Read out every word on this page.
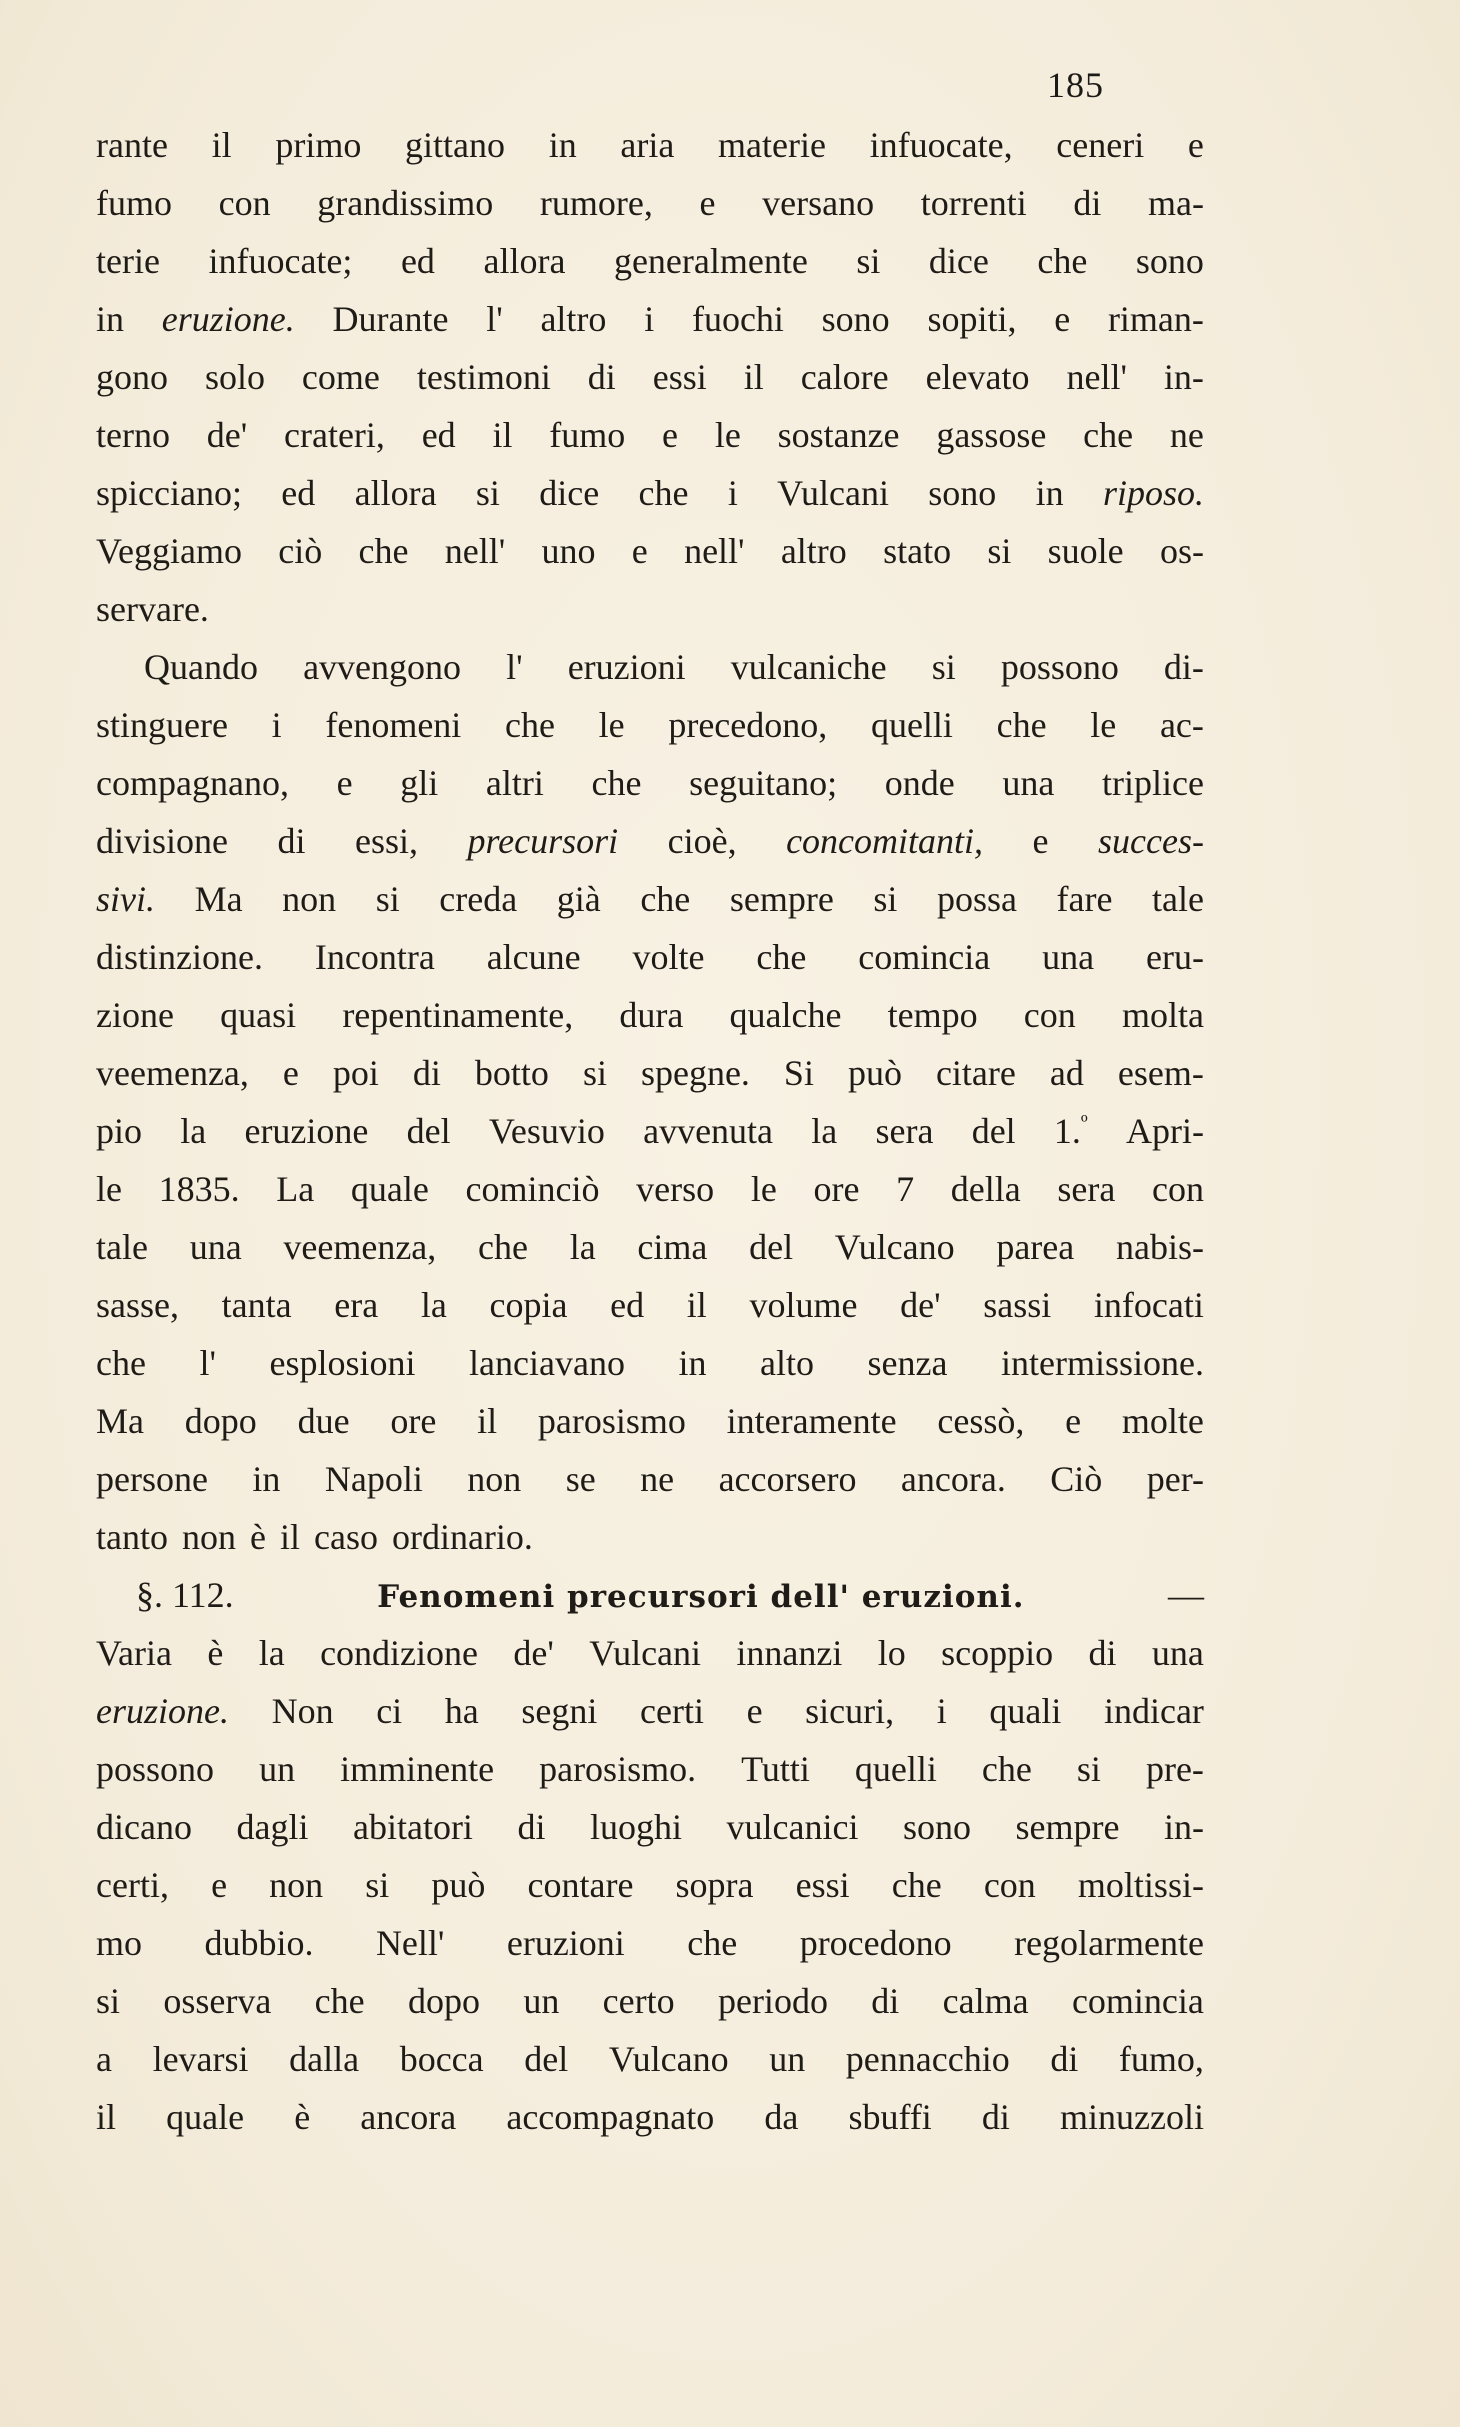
185
rante il primo gittano in aria materie infuocate, ceneri e
fumo con grandissimo rumore, e versano torrenti di ma-
terie infuocate; ed allora generalmente si dice che sono
in eruzione. Durante l' altro i fuochi sono sopiti, e riman-
gono solo come testimoni di essi il calore elevato nell' in-
terno de' crateri, ed il fumo e le sostanze gassose che ne
spicciano; ed allora si dice che i Vulcani sono in riposo.
Veggiamo ciò che nell' uno e nell' altro stato si suole os-
servare.
Quando avvengono l' eruzioni vulcaniche si possono di-
stinguere i fenomeni che le precedono, quelli che le ac-
compagnano, e gli altri che seguitano; onde una triplice
divisione di essi, precursori cioè, concomitanti, e succes-
sivi. Ma non si creda già che sempre si possa fare tale
distinzione. Incontra alcune volte che comincia una eru-
zione quasi repentinamente, dura qualche tempo con molta
veemenza, e poi di botto si spegne. Si può citare ad esem-
pio la eruzione del Vesuvio avvenuta la sera del 1.$^º$ Apri-
le 1835. La quale cominciò verso le ore 7 della sera con
tale una veemenza, che la cima del Vulcano parea nabis-
sasse, tanta era la copia ed il volume de' sassi infocati
che l' esplosioni lanciavano in alto senza intermissione.
Ma dopo due ore il parosismo interamente cessò, e molte
persone in Napoli non se ne accorsero ancora. Ciò per-
tanto non è il caso ordinario.
§. 112.	Fenomeni precursori dell' eruzioni.	—
Varia è la condizione de' Vulcani innanzi lo scoppio di una
eruzione. Non ci ha segni certi e sicuri, i quali indicar
possono un imminente parosismo. Tutti quelli che si pre-
dicano dagli abitatori di luoghi vulcanici sono sempre in-
certi, e non si può contare sopra essi che con moltissi-
mo dubbio. Nell' eruzioni che procedono regolarmente
si osserva che dopo un certo periodo di calma comincia
a levarsi dalla bocca del Vulcano un pennacchio di fumo,
il quale è ancora accompagnato da sbuffi di minuzzoli
